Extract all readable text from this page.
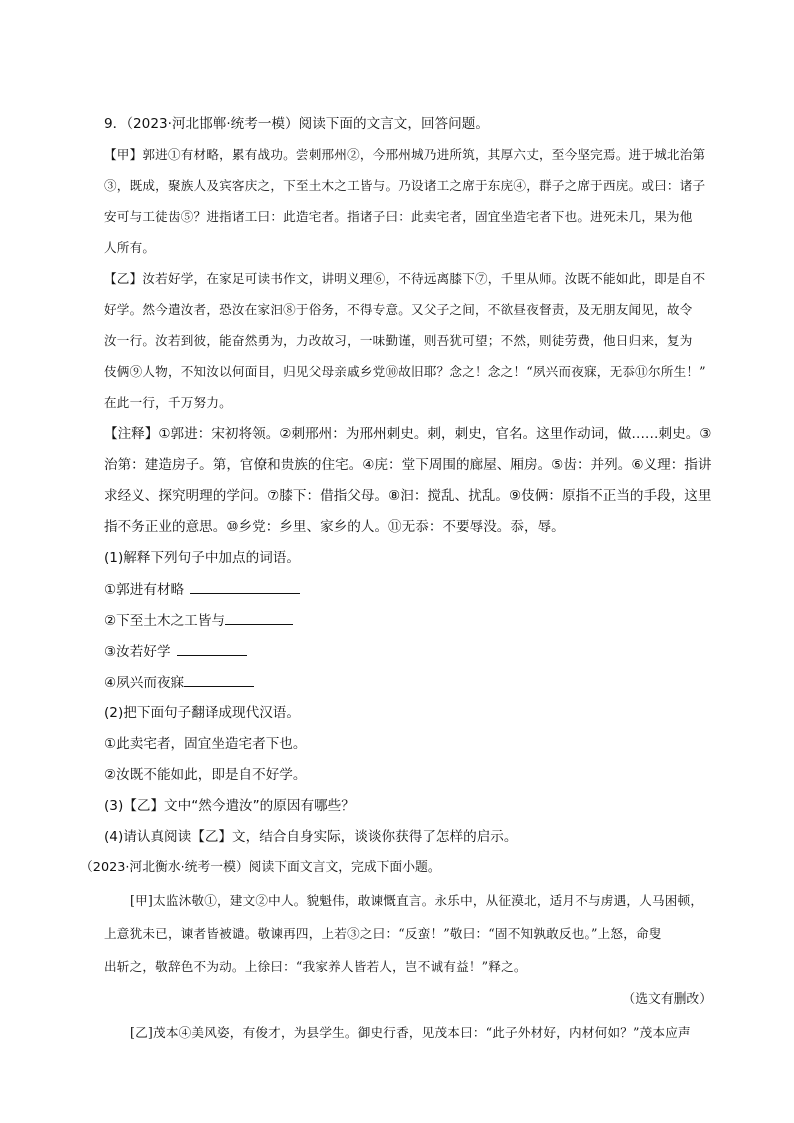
9．（2023·河北邯郸·统考一模）阅读下面的文言文，回答问题。
【甲】郭进①有材略，累有战功。尝刺邢州②，今邢州城乃进所筑，其厚六丈，至今坚完焉。进于城北治第
③，既成，聚族人及宾客庆之，下至土木之工皆与。乃设诸工之席于东庑④，群子之席于西庑。或曰：诸子
安可与工徒齿⑤？进指诸工曰：此造宅者。指诸子曰：此卖宅者，固宜坐造宅者下也。进死未几，果为他
人所有。
【乙】汝若好学，在家足可读书作文，讲明义理⑥，不待远离膝下⑦，千里从师。汝既不能如此，即是自不
好学。然今遣汝者，恐汝在家汩⑧于俗务，不得专意。又父子之间，不欲昼夜督责，及无朋友闻见，故令
汝一行。汝若到彼，能奋然勇为，力改故习，一味勤谨，则吾犹可望；不然，则徒劳费，他日归来，复为
伎俩⑨人物，不知汝以何面目，归见父母亲戚乡党⑩故旧耶？念之！念之！“夙兴而夜寐，无忝⑪尔所生！”
在此一行，千万努力。
【注释】①郭进：宋初将领。②刺邢州：为邢州刺史。刺，刺史，官名。这里作动词，做……刺史。③
治第：建造房子。第，官僚和贵族的住宅。④庑：堂下周围的廊屋、厢房。⑤齿：并列。⑥义理：指讲
求经义、探究明理的学问。⑦膝下：借指父母。⑧汩：搅乱、扰乱。⑨伎俩：原指不正当的手段，这里
指不务正业的意思。⑩乡党：乡里、家乡的人。⑪无忝：不要辱没。忝，辱。
(1)解释下列句子中加点的词语。
①郭进有材略
②下至土木之工皆与
③汝若好学
④夙兴而夜寐
(2)把下面句子翻译成现代汉语。
①此卖宅者，固宜坐造宅者下也。
②汝既不能如此，即是自不好学。
(3)【乙】文中“然今遣汝”的原因有哪些？
(4)请认真阅读【乙】文，结合自身实际，谈谈你获得了怎样的启示。
（2023·河北衡水·统考一模）阅读下面文言文，完成下面小题。
[甲]太监沐敬①，建文②中人。貌魁伟，敢谏慨直言。永乐中，从征漠北，适月不与虏遇，人马困顿，
上意犹未已，谏者皆被谴。敬谏再四，上若③之曰：“反蛮！”敬曰：“固不知孰敢反也。”上怒，命叟
出斩之，敬辞色不为动。上徐曰：“我家养人皆若人，岂不诚有益！”释之。
（选文有删改）
[乙]茂本④美风姿，有俊才，为县学生。御史行香，见茂本曰：“此子外材好，内材何如？”茂本应声
